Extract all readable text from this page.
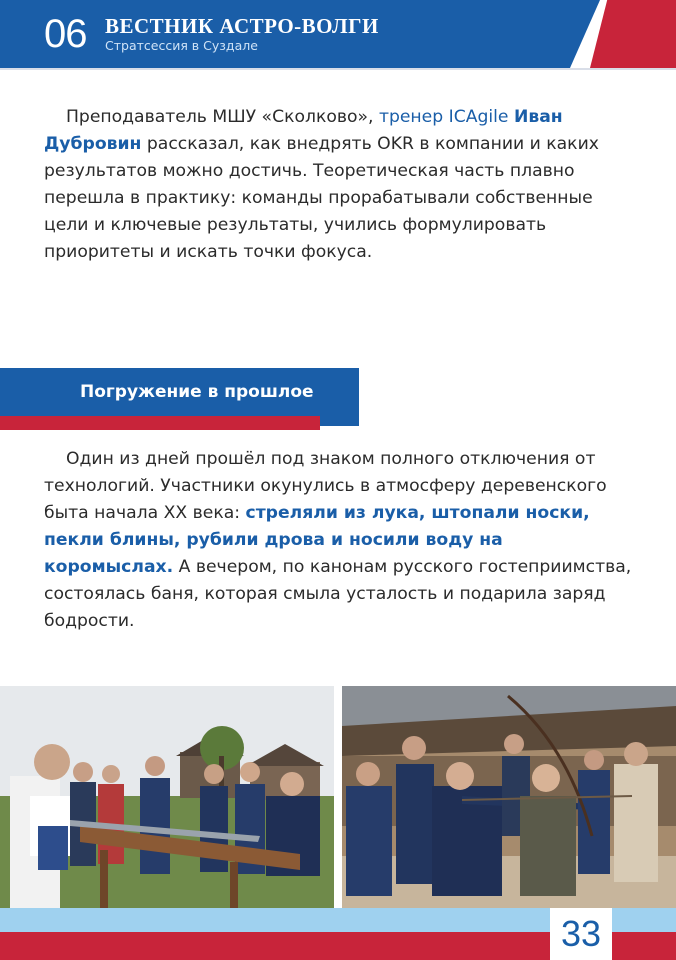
06 ВЕСТНИК АСТРО-ВОЛГИ
Стратсессия в Суздале

Преподаватель МШУ «Сколково», тренер ICAgile Иван Дубровин рассказал, как внедрять OKR в компании и каких результатов можно достичь. Теоретическая часть плавно перешла в практику: команды прорабатывали собственные цели и ключевые результаты, учились формулировать приоритеты и искать точки фокуса.

Погружение в прошлое

Один из дней прошёл под знаком полного отключения от технологий. Участники окунулись в атмосферу деревенского быта начала XX века: стреляли из лука, штопали носки, пекли блины, рубили дрова и носили воду на коромыслах. А вечером, по канонам русского гостеприимства, состоялась баня, которая смыла усталость и подарила заряд бодрости.

33
